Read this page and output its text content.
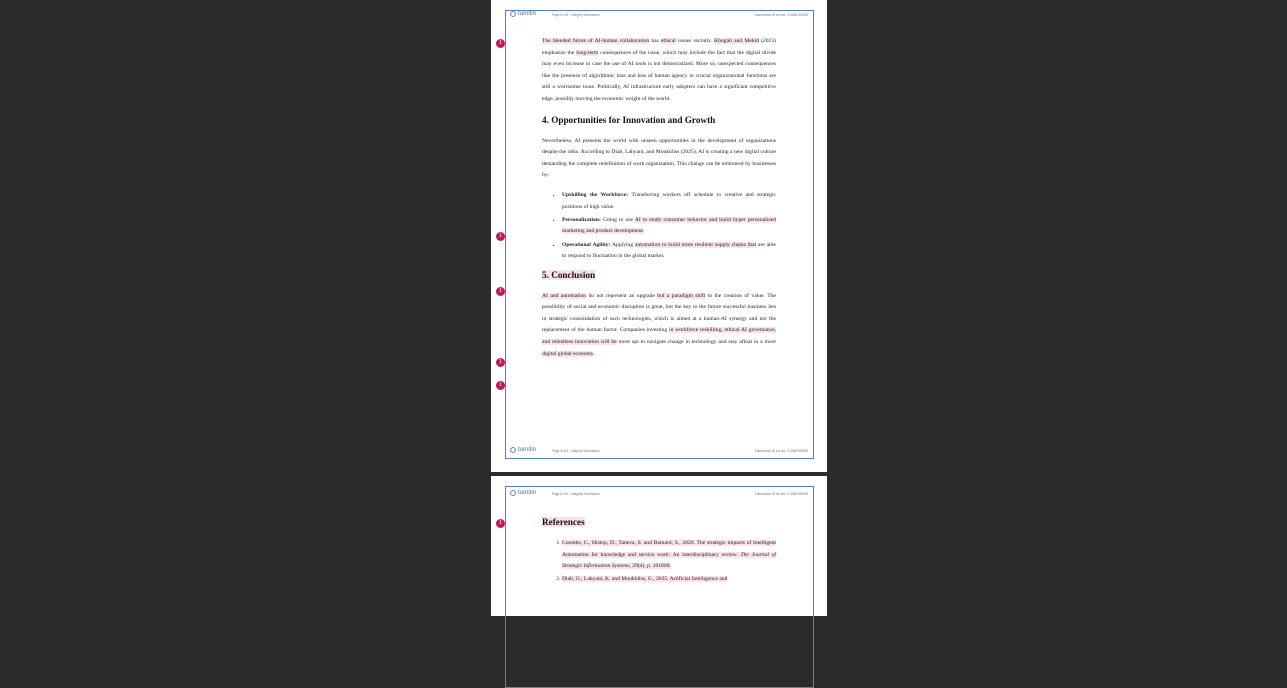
turnitin	Page 5 of 6 - Integrity Submission	Submission ID trn:oid:::1:3566780928

The blended future of AI-human collaboration has ethical issues socially. Khogali and Mekid (2023) emphasize the long-term consequences of the issue, which may include the fact that the digital divide may even increase in case the use of AI tools is not democratized. More so, unexpected consequences like the presence of algorithmic bias and loss of human agency in crucial organizational functions are still a worrisome issue. Politically, AI infrastructure early adopters can have a significant competitive edge, possibly moving the economic weight of the world.

4. Opportunities for Innovation and Growth

Nevertheless, AI presents the world with unseen opportunities in the development of organizations despite the risks. According to Diab, Lahyani, and Moukhliss (2025), AI is creating a new digital culture demanding the complete redefinition of work organization. This change can be embraced by businesses by:

• Upskilling the Workforce: Transferring workers off schedule to creative and strategic positions of high value.
• Personalization: Going to use AI to study consumer behavior and build hyper personalized marketing and product development.
• Operational Agility: Applying automation to build more resilient supply chains that are able to respond to fluctuation in the global market.
5. Conclusion

AI and automation do not represent an upgrade but a paradigm shift to the creation of value. The possibility of social and economic disruption is great, but the key to the future successful business lies in strategic consolidation of such technologies, which is aimed at a human-AI synergy and not the replacement of the human factor. Companies investing in workforce reskilling, ethical AI governance, and relentless innovation will be more apt to navigate change in technology and stay afloat in a more digital global economy.

turnitin	Page 5 of 6 - Integrity Submission	Submission ID trn:oid:::1:3566780928
turnitin	Page 6 of 6 - Integrity Submission	Submission ID trn:oid:::1:3566780928
References
1. Coombs, C., Hislop, D., Taneva, S. and Barnard, S., 2020. The strategic impacts of Intelligent Automation for knowledge and service work: An interdisciplinary review. The Journal of Strategic Information Systems, 29(4), p. 101600.
2. Diab, O., Lahyani, K. and Moukhliss, G., 2025. Artificial Intelligence and
1
1
1
1
1
1
